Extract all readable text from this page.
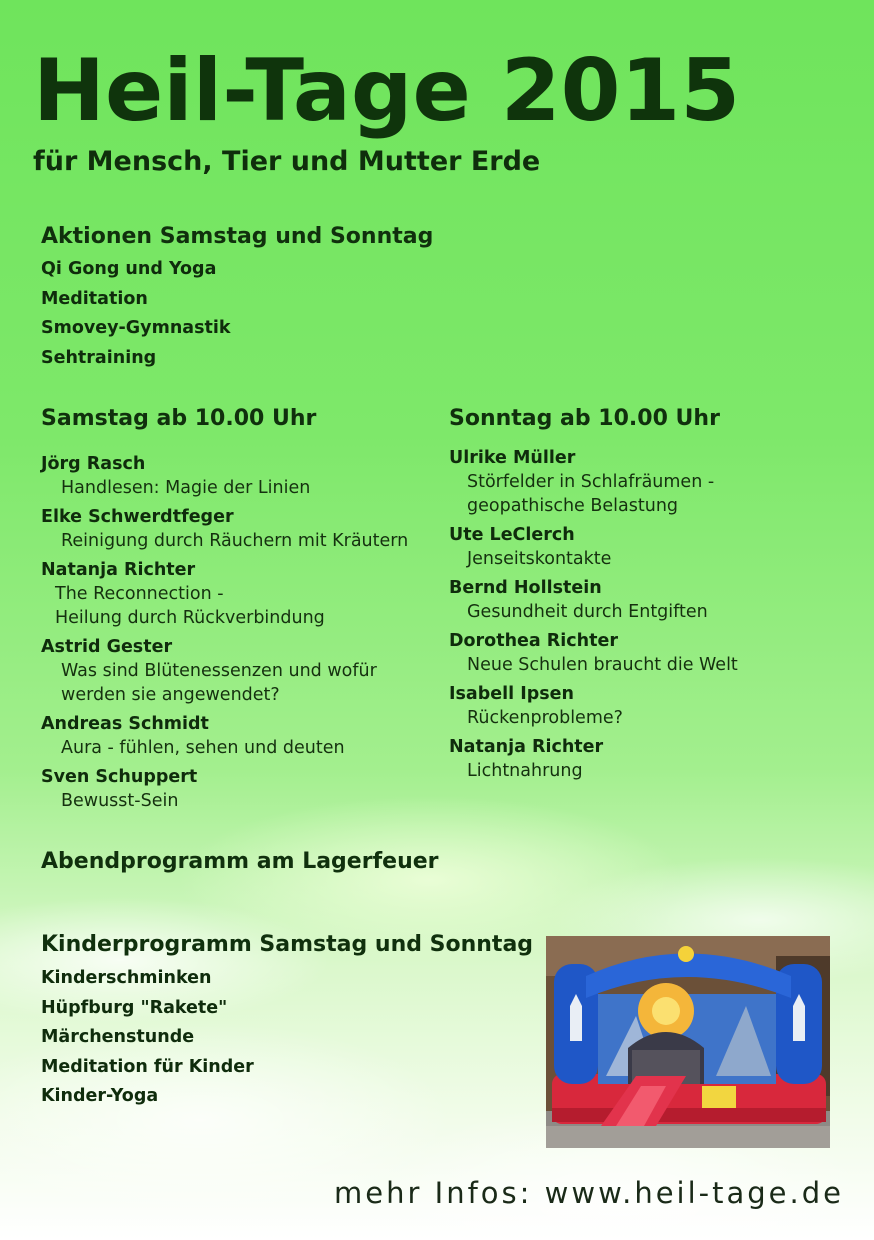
Heil-Tage 2015
für Mensch, Tier und Mutter Erde
Aktionen Samstag und Sonntag
Qi Gong und Yoga
Meditation
Smovey-Gymnastik
Sehtraining
Samstag ab 10.00 Uhr
Jörg Rasch
Handlesen: Magie der Linien
Elke Schwerdtfeger
Reinigung durch Räuchern mit Kräutern
Natanja Richter
The Reconnection -
Heilung durch Rückverbindung
Astrid Gester
Was sind Blütenessenzen und wofür
werden sie angewendet?
Andreas Schmidt
Aura - fühlen, sehen und deuten
Sven Schuppert
Bewusst-Sein
Sonntag ab 10.00 Uhr
Ulrike Müller
Störfelder in Schlafräumen -
geopathische Belastung
Ute LeClerch
Jenseitskontakte
Bernd Hollstein
Gesundheit durch Entgiften
Dorothea Richter
Neue Schulen braucht die Welt
Isabell Ipsen
Rückenprobleme?
Natanja Richter
Lichtnahrung
Abendprogramm am Lagerfeuer
Kinderprogramm Samstag und Sonntag
Kinderschminken
Hüpfburg "Rakete"
Märchenstunde
Meditation für Kinder
Kinder-Yoga
mehr Infos: www.heil-tage.de
